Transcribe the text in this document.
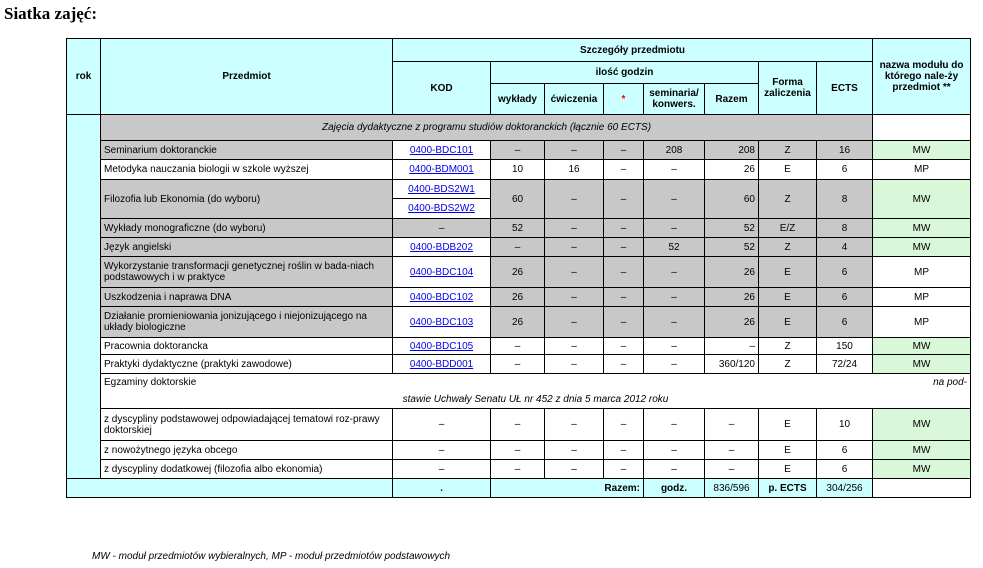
Siatka zajęć:
rok	Przedmiot	Szczegóły przedmiotu								nazwa modułu do którego nale-ży przedmiot **
		KOD	ilość godzin					Forma zaliczenia	ECTS	
			wykłady	ćwiczenia	*	seminaria/ konwers.	Razem			

	Zajęcia dydaktyczne z programu studiów doktoranckich (łącznie 60 ECTS)									
	Seminarium doktoranckie	0400-BDC101	–	–	–	208	208	Z	16	MW
	Metodyka nauczania biologii w szkole wyższej	0400-BDM001	10	16	–	–	26	E	6	MP
	Filozofia lub Ekonomia (do wyboru)	0400-BDS2W1	60	–	–	–	60	Z	8	MW
		0400-BDS2W2								
	Wykłady monograficzne (do wyboru)	–	52	–	–	–	52	E/Z	8	MW
	Język angielski	0400-BDB202	–	–	–	52	52	Z	4	MW
	Wykorzystanie transformacji genetycznej roślin w bada-niach podstawowych i w praktyce	0400-BDC104	26	–	–	–	26	E	6	MP
	Uszkodzenia i naprawa DNA	0400-BDC102	26	–	–	–	26	E	6	MP
	Działanie promieniowania jonizującego i niejonizującego na układy biologiczne	0400-BDC103	26	–	–	–	26	E	6	MP
	Pracownia doktorancka	0400-BDC105	–	–	–	–	–	Z	150	MW
	Praktyki dydaktyczne (praktyki zawodowe)	0400-BDD001	–	–	–	–	360/120	Z	72/24	MW

	Egzaminy doktorskie na pod-
stawie Uchwały Senatu UŁ nr 452 z dnia 5 marca 2012 roku									

	z dyscypliny podstawowej odpowiadającej tematowi roz-prawy doktorskiej	–	–	–	–	–	–	E	10	MW
	z nowożytnego języka obcego	–	–	–	–	–	–	E	6	MW
	z dyscypliny dodatkowej (filozofia albo ekonomia)	–	–	–	–	–	–	E	6	MW
		.	Razem:			godz.	836/596	p. ECTS	304/256	
MW - moduł przedmiotów wybieralnych, MP - moduł przedmiotów podstawowych
